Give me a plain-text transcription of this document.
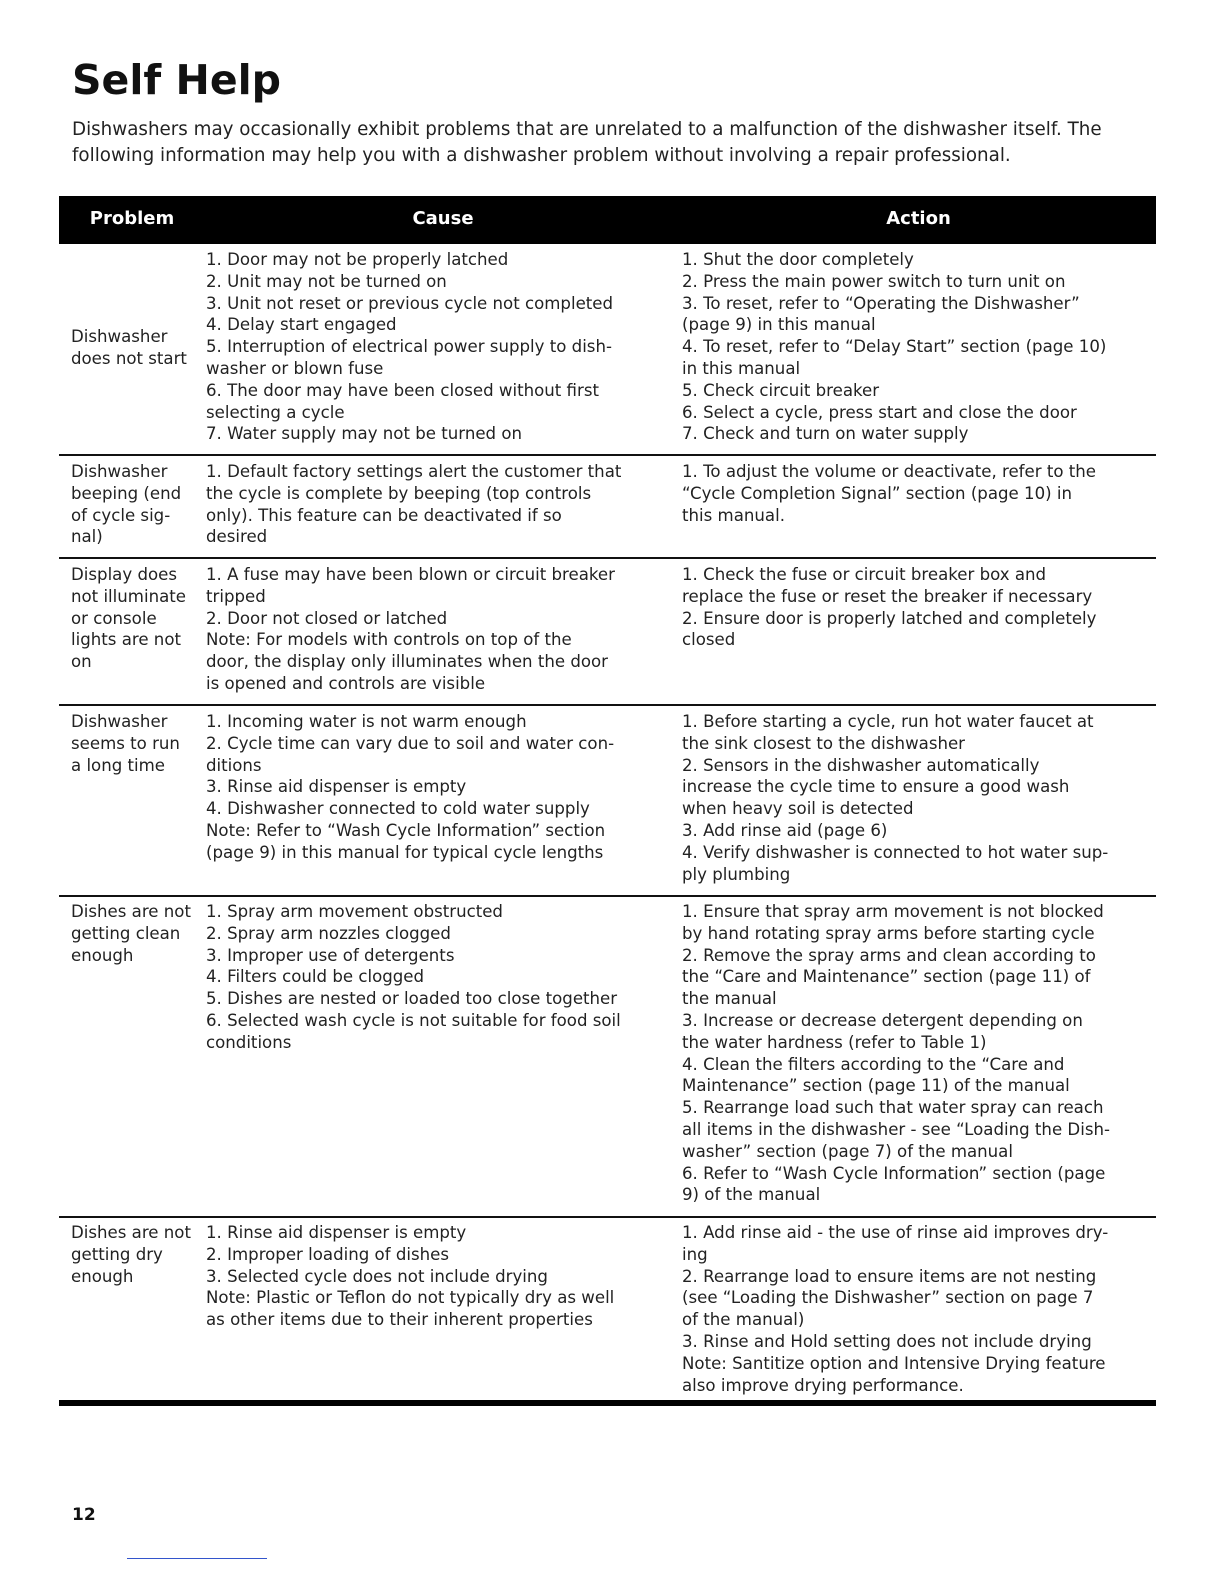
Self Help

Dishwashers may occasionally exhibit problems that are unrelated to a malfunction of the dishwasher itself. The
following information may help you with a dishwasher problem without involving a repair professional.

Problem	Cause	Action
Dishwasher
does not start
1. Door may not be properly latched
2. Unit may not be turned on
3. Unit not reset or previous cycle not completed
4. Delay start engaged
5. Interruption of electrical power supply to dish-
washer or blown fuse
6. The door may have been closed without first
selecting a cycle
7. Water supply may not be turned on
1. Shut the door completely
2. Press the main power switch to turn unit on
3. To reset, refer to “Operating the Dishwasher”
(page 9) in this manual
4. To reset, refer to “Delay Start” section (page 10)
in this manual
5. Check circuit breaker
6. Select a cycle, press start and close the door
7. Check and turn on water supply
Dishwasher
beeping (end
of cycle sig-
nal)
1. Default factory settings alert the customer that
the cycle is complete by beeping (top controls
only). This feature can be deactivated if so
desired
1. To adjust the volume or deactivate, refer to the
“Cycle Completion Signal” section (page 10) in
this manual.
Display does
not illuminate
or console
lights are not
on
1. A fuse may have been blown or circuit breaker
tripped
2. Door not closed or latched
Note: For models with controls on top of the
door, the display only illuminates when the door
is opened and controls are visible
1. Check the fuse or circuit breaker box and
replace the fuse or reset the breaker if necessary
2. Ensure door is properly latched and completely
closed
Dishwasher
seems to run
a long time
1. Incoming water is not warm enough
2. Cycle time can vary due to soil and water con-
ditions
3. Rinse aid dispenser is empty
4. Dishwasher connected to cold water supply
Note: Refer to “Wash Cycle Information” section
(page 9) in this manual for typical cycle lengths
1. Before starting a cycle, run hot water faucet at
the sink closest to the dishwasher
2. Sensors in the dishwasher automatically
increase the cycle time to ensure a good wash
when heavy soil is detected
3. Add rinse aid (page 6)
4. Verify dishwasher is connected to hot water sup-
ply plumbing
Dishes are not
getting clean
enough
1. Spray arm movement obstructed
2. Spray arm nozzles clogged
3. Improper use of detergents
4. Filters could be clogged
5. Dishes are nested or loaded too close together
6. Selected wash cycle is not suitable for food soil
conditions
1. Ensure that spray arm movement is not blocked
by hand rotating spray arms before starting cycle
2. Remove the spray arms and clean according to
the “Care and Maintenance” section (page 11) of
the manual
3. Increase or decrease detergent depending on
the water hardness (refer to Table 1)
4. Clean the filters according to the “Care and
Maintenance” section (page 11) of the manual
5. Rearrange load such that water spray can reach
all items in the dishwasher - see “Loading the Dish-
washer” section (page 7) of the manual
6. Refer to “Wash Cycle Information” section (page
9) of the manual
Dishes are not
getting dry
enough
1. Rinse aid dispenser is empty
2. Improper loading of dishes
3. Selected cycle does not include drying
Note: Plastic or Teflon do not typically dry as well
as other items due to their inherent properties
1. Add rinse aid - the use of rinse aid improves dry-
ing
2. Rearrange load to ensure items are not nesting
(see “Loading the Dishwasher” section on page 7
of the manual)
3. Rinse and Hold setting does not include drying
Note: Santitize option and Intensive Drying feature
also improve drying performance.
12
